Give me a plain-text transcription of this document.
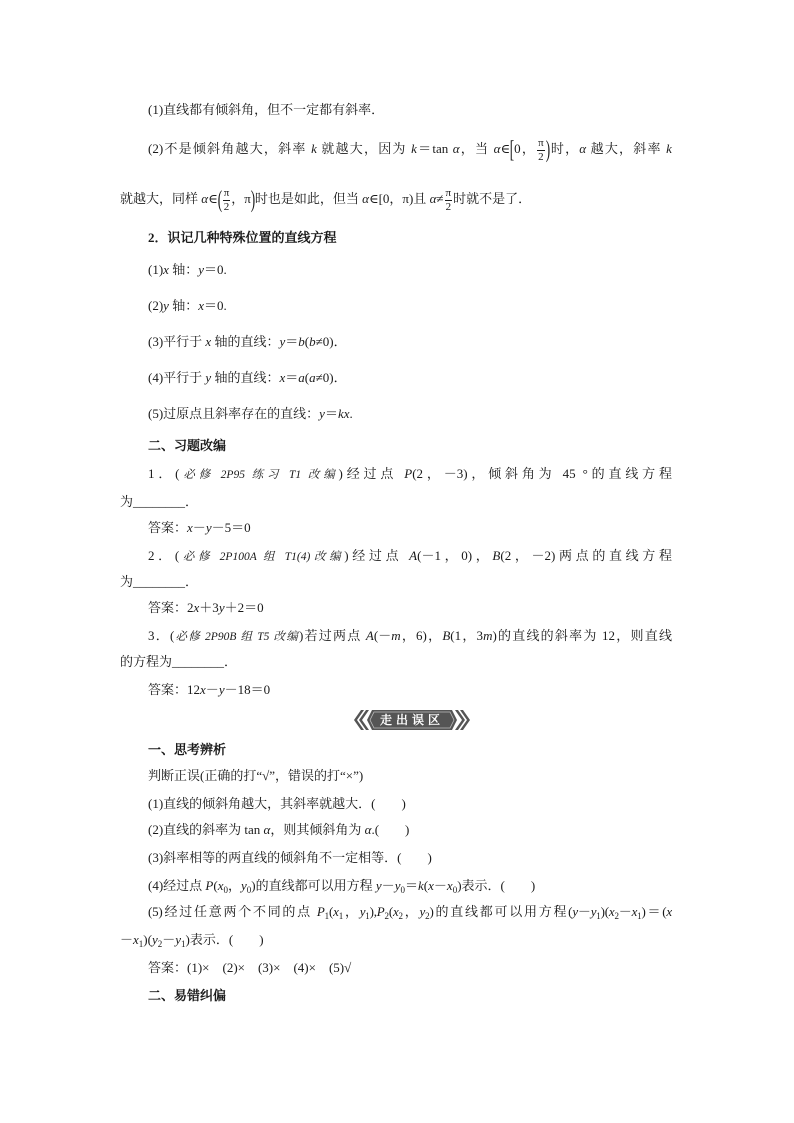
(1)直线都有倾斜角，但不一定都有斜率．
(2)不是倾斜角越大，斜率 k 就越大，因为 k＝tan α，当 α∈[0， $\frac{\pi}{2}$ )时，α 越大，斜率 k
就越大，同样 α∈( $\frac{\pi}{2}$ ，π)时也是如此，但当 α∈[0，π)且 $\alpha\ne \frac{\pi}{2}$ 时就不是了．
2．识记几种特殊位置的直线方程
(1)x 轴：y＝0.
(2)y 轴：x＝0.
(3)平行于 x 轴的直线：y＝b(b≠0)．
(4)平行于 y 轴的直线：x＝a(a≠0)．
(5)过原点且斜率存在的直线：y＝kx.
二、习题改编
1．(必修 2P95 练习 T1 改编)经过点 P(2，－3)，倾斜角为 45 °的直线方程
为________．
答案：x－y－5＝0
2．(必修 2P100A 组 T1(4)改编)经过点 A(－1，0)，B(2，－2)两点的直线方程
为________．
答案：2x＋3y＋2＝0
3．(必修 2P90B 组 T5 改编)若过两点 A(－m，6)，B(1，3m)的直线的斜率为 12，则直线
的方程为________．
答案：12x－y－18＝0
走出误区
一、思考辨析
判断正误(正确的打“√”，错误的打“×”)
(1)直线的倾斜角越大，其斜率就越大．(　　)
(2)直线的斜率为 tan α，则其倾斜角为 α.(　　)
(3)斜率相等的两直线的倾斜角不一定相等．(　　)
(4)经过点 $P(x_0$，$y_0$)的直线都可以用方程 $y-y_0=k(x-x_0)$表示．(　　)
(5)经过任意两个不同的点 $P_1(x_1$，$y_1),P_2(x_2$，$y_2$)的直线都可以用方程$(y-y_1)(x_2-x_1)=(x$
$-x_1)(y_2-y_1)$表示．(　　)
答案：(1)×　(2)×　(3)×　(4)×　(5)√
二、易错纠偏
